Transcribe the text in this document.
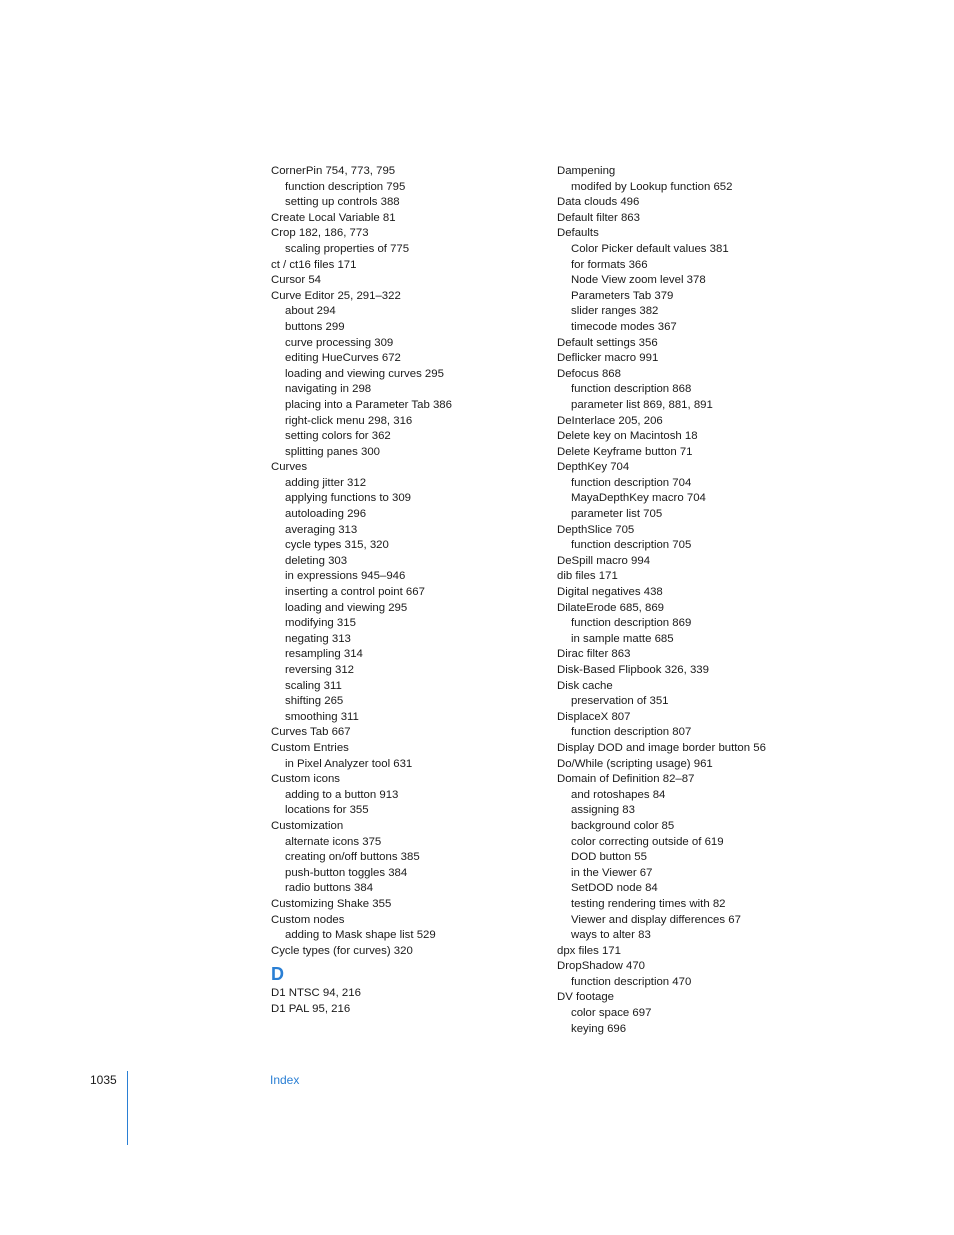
CornerPin 754, 773, 795
function description 795
setting up controls 388
Create Local Variable 81
Crop 182, 186, 773
scaling properties of 775
ct / ct16 files 171
Cursor 54
Curve Editor 25, 291–322
about 294
buttons 299
curve processing 309
editing HueCurves 672
loading and viewing curves 295
navigating in 298
placing into a Parameter Tab 386
right-click menu 298, 316
setting colors for 362
splitting panes 300
Curves
adding jitter 312
applying functions to 309
autoloading 296
averaging 313
cycle types 315, 320
deleting 303
in expressions 945–946
inserting a control point 667
loading and viewing 295
modifying 315
negating 313
resampling 314
reversing 312
scaling 311
shifting 265
smoothing 311
Curves Tab 667
Custom Entries
in Pixel Analyzer tool 631
Custom icons
adding to a button 913
locations for 355
Customization
alternate icons 375
creating on/off buttons 385
push-button toggles 384
radio buttons 384
Customizing Shake 355
Custom nodes
adding to Mask shape list 529
Cycle types (for curves) 320
D
D1 NTSC 94, 216
D1 PAL 95, 216
Dampening
modifed by Lookup function 652
Data clouds 496
Default filter 863
Defaults
Color Picker default values 381
for formats 366
Node View zoom level 378
Parameters Tab 379
slider ranges 382
timecode modes 367
Default settings 356
Deflicker macro 991
Defocus 868
function description 868
parameter list 869, 881, 891
DeInterlace 205, 206
Delete key on Macintosh 18
Delete Keyframe button 71
DepthKey 704
function description 704
MayaDepthKey macro 704
parameter list 705
DepthSlice 705
function description 705
DeSpill macro 994
dib files 171
Digital negatives 438
DilateErode 685, 869
function description 869
in sample matte 685
Dirac filter 863
Disk-Based Flipbook 326, 339
Disk cache
preservation of 351
DisplaceX 807
function description 807
Display DOD and image border button 56
Do/While (scripting usage) 961
Domain of Definition 82–87
and rotoshapes 84
assigning 83
background color 85
color correcting outside of 619
DOD button 55
in the Viewer 67
SetDOD node 84
testing rendering times with 82
Viewer and display differences 67
ways to alter 83
dpx files 171
DropShadow 470
function description 470
DV footage
color space 697
keying 696
1035	Index
